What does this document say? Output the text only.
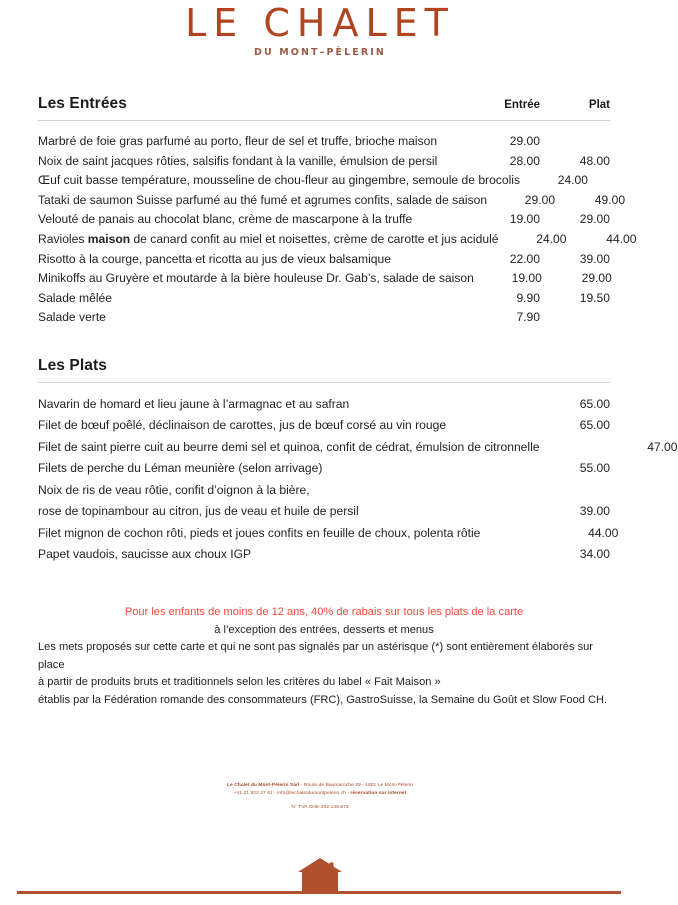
LE CHALET
DU MONT–PÈLERIN
Les Entrées	Entrée	Plat
Marbré de foie gras parfumé au porto, fleur de sel et truffe, brioche maison	29.00
Noix de saint jacques rôties, salsifis fondant à la vanille, émulsion de persil	28.00	48.00
Œuf cuit basse température, mousseline de chou-fleur au gingembre, semoule de brocolis	24.00
Tataki de saumon Suisse parfumé au thé fumé et agrumes confits, salade de saison	29.00	49.00
Velouté de panais au chocolat blanc, crème de mascarpone à la truffe	19.00	29.00
Ravioles maison de canard confit au miel et noisettes, crème de carotte et jus acidulé	24.00	44.00
Risotto à la courge, pancetta et ricotta au jus de vieux balsamique	22.00	39.00
Minikoffs au Gruyère et moutarde à la bière houleuse Dr. Gab’s, salade de saison	19.00	29.00
Salade mêlée	9.90	19.50
Salade verte	7.90
Les Plats
Navarin de homard et lieu jaune à l’armagnac et au safran	65.00
Filet de bœuf poêlé, déclinaison de carottes, jus de bœuf corsé au vin rouge	65.00
Filet de saint pierre cuit au beurre demi sel et quinoa, confit de cédrat, émulsion de citronnelle	47.00
Filets de perche du Léman meunière (selon arrivage)	55.00
Noix de ris de veau rôtie, confit d’oignon à la bière,
rose de topinambour au citron, jus de veau et huile de persil	39.00
Filet mignon de cochon rôti, pieds et joues confits en feuille de choux, polenta rôtie	44.00
Papet vaudois, saucisse aux choux IGP	34.00
Pour les enfants de moins de 12 ans, 40% de rabais sur tous les plats de la carte
à l’exception des entrées, desserts et menus
Les mets proposés sur cette carte et qui ne sont pas signalés par un astérisque (*) sont entièrement élaborés sur place
à partir de produits bruts et traditionnels selon les critères du label « Fait Maison »
établis par la Fédération romande des consommateurs (FRC), GastroSuisse, la Semaine du Goût et Slow Food CH.
Le Chalet du Mont-Pèlerin Sàrl - Route de Baumaroche 29 - 1801 Le Mont-Pèlerin
+41 21 922 27 61 - info@lechaletdumontpelerin.ch - réservation sur internet
N° TVA CHE-202.146.673
